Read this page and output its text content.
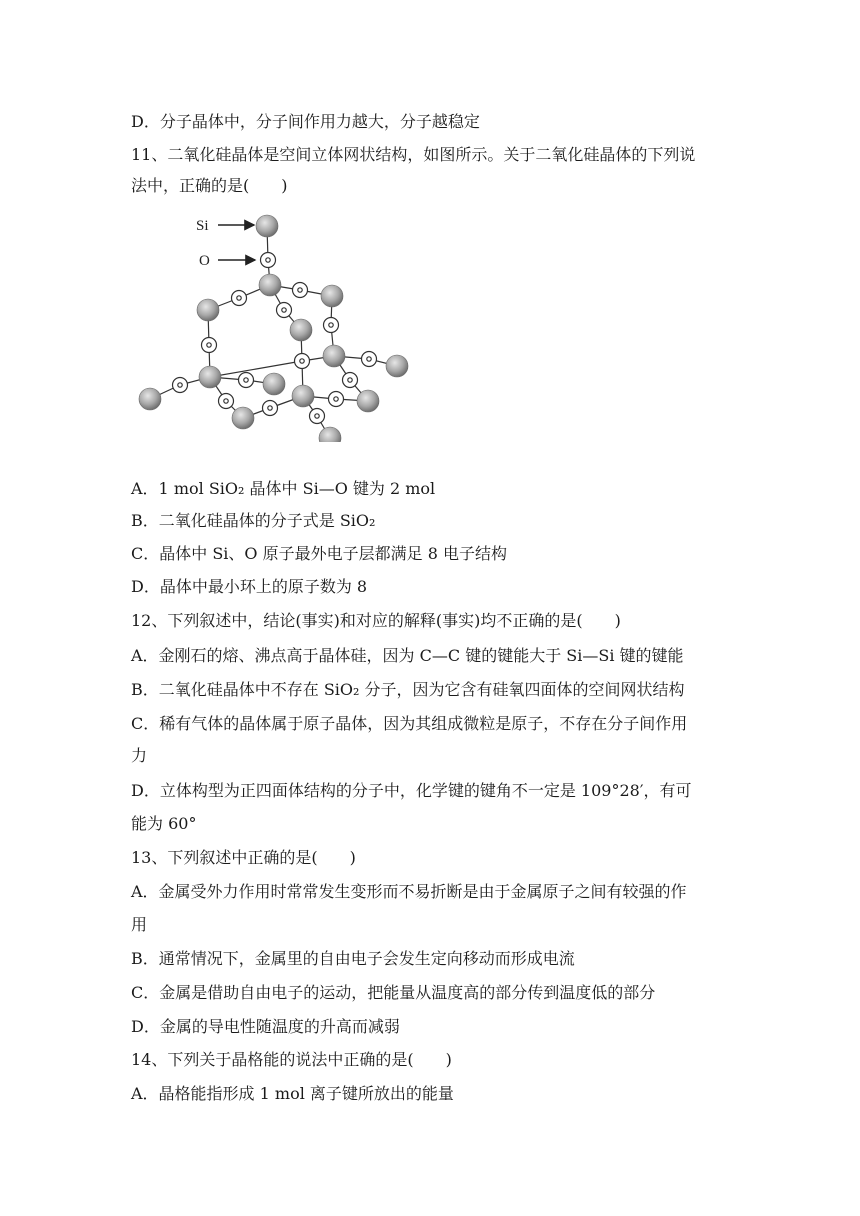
D．分子晶体中，分子间作用力越大，分子越稳定
11、二氧化硅晶体是空间立体网状结构，如图所示。关于二氧化硅晶体的下列说
法中，正确的是(　　)
Si
O
A．1 mol SiO₂ 晶体中 Si—O 键为 2 mol
B．二氧化硅晶体的分子式是 SiO₂
C．晶体中 Si、O 原子最外电子层都满足 8 电子结构
D．晶体中最小环上的原子数为 8
12、下列叙述中，结论(事实)和对应的解释(事实)均不正确的是(　　)
A．金刚石的熔、沸点高于晶体硅，因为 C—C 键的键能大于 Si—Si 键的键能
B．二氧化硅晶体中不存在 SiO₂ 分子，因为它含有硅氧四面体的空间网状结构
C．稀有气体的晶体属于原子晶体，因为其组成微粒是原子，不存在分子间作用
力
D．立体构型为正四面体结构的分子中，化学键的键角不一定是 109°28′，有可
能为 60°
13、下列叙述中正确的是(　　)
A．金属受外力作用时常常发生变形而不易折断是由于金属原子之间有较强的作
用
B．通常情况下，金属里的自由电子会发生定向移动而形成电流
C．金属是借助自由电子的运动，把能量从温度高的部分传到温度低的部分
D．金属的导电性随温度的升高而减弱
14、下列关于晶格能的说法中正确的是(　　)
A．晶格能指形成 1 mol 离子键所放出的能量
